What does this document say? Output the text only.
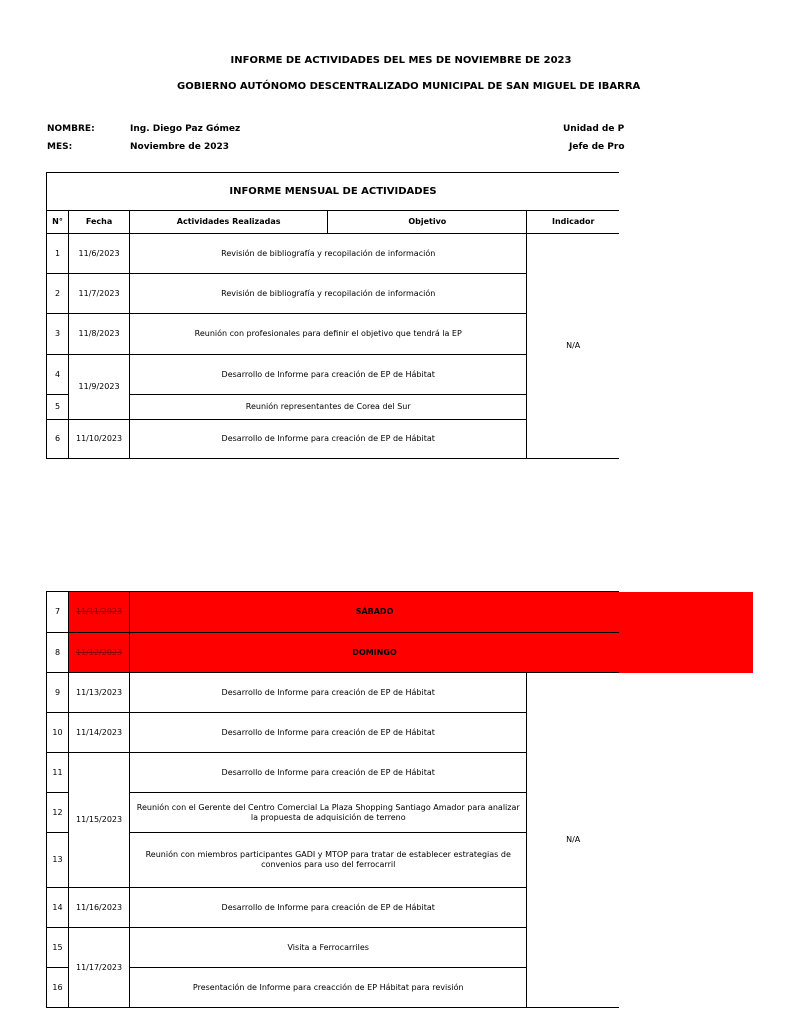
INFORME DE ACTIVIDADES DEL MES DE NOVIEMBRE DE 2023
GOBIERNO AUTÓNOMO DESCENTRALIZADO MUNICIPAL DE SAN MIGUEL DE IBARRA
NOMBRE:	Ing. Diego Paz Gómez
MES:	Noviembre de 2023
Unidad de P
Jefe de Pro
INFORME MENSUAL DE ACTIVIDADES				
N°	Fecha	Actividades Realizadas	Objetivo	Indicador
1	11/6/2023	Revisión de bibliografía y recopilación de información		N/A
2	11/7/2023	Revisión de bibliografía y recopilación de información		
3	11/8/2023	Reunión con profesionales para definir el objetivo que tendrá la EP		
4	11/9/2023	Desarrollo de Informe para creación de EP de Hábitat		
5		Reunión representantes de Corea del Sur		
6	11/10/2023	Desarrollo de Informe para creación de EP de Hábitat		
7	11/11/2023	SÁBADO	
8	11/12/2023	DOMINGO	
9	11/13/2023	Desarrollo de Informe para creación de EP de Hábitat	N/A
10	11/14/2023	Desarrollo de Informe para creación de EP de Hábitat	
11	11/15/2023	Desarrollo de Informe para creación de EP de Hábitat	
12		Reunión con el Gerente del Centro Comercial La Plaza Shopping Santiago Amador para analizar la propuesta de adquisición de terreno	
13		Reunión con miembros participantes GADI y MTOP para tratar de establecer estrategias de convenios para uso del ferrocarril	
14	11/16/2023	Desarrollo de Informe para creación de EP de Hábitat	
15	11/17/2023	Visita a Ferrocarriles	
16		Presentación de Informe para creacción de EP Hábitat para revisión	
